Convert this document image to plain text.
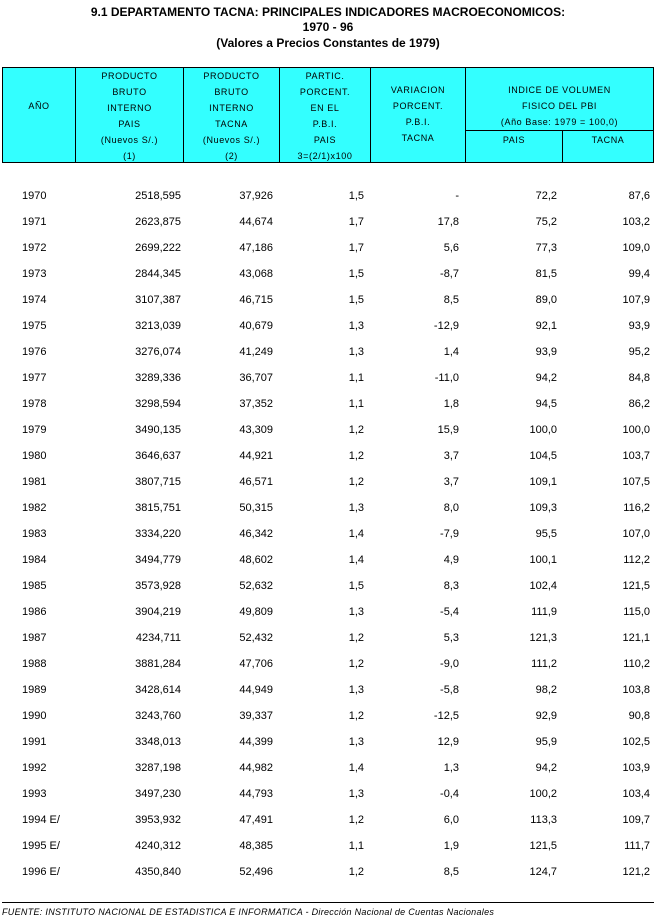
9.1 DEPARTAMENTO TACNA: PRINCIPALES INDICADORES MACROECONOMICOS:
1970 - 96
(Valores a Precios Constantes de 1979)
AÑO
PRODUCTO
BRUTO
INTERNO
PAIS
(Nuevos S/.)
(1)
PRODUCTO
BRUTO
INTERNO
TACNA
(Nuevos S/.)
(2)
PARTIC.
PORCENT.
EN EL
P.B.I.
PAIS
3=(2/1)x100
VARIACION
PORCENT.
P.B.I.
TACNA
INDICE DE VOLUMEN
FISICO DEL PBI
(Año Base: 1979 = 100,0)
PAIS	TACNA
1970	2518,595	37,926	1,5	-	72,2	87,6
1971	2623,875	44,674	1,7	17,8	75,2	103,2
1972	2699,222	47,186	1,7	5,6	77,3	109,0
1973	2844,345	43,068	1,5	-8,7	81,5	99,4
1974	3107,387	46,715	1,5	8,5	89,0	107,9
1975	3213,039	40,679	1,3	-12,9	92,1	93,9
1976	3276,074	41,249	1,3	1,4	93,9	95,2
1977	3289,336	36,707	1,1	-11,0	94,2	84,8
1978	3298,594	37,352	1,1	1,8	94,5	86,2
1979	3490,135	43,309	1,2	15,9	100,0	100,0
1980	3646,637	44,921	1,2	3,7	104,5	103,7
1981	3807,715	46,571	1,2	3,7	109,1	107,5
1982	3815,751	50,315	1,3	8,0	109,3	116,2
1983	3334,220	46,342	1,4	-7,9	95,5	107,0
1984	3494,779	48,602	1,4	4,9	100,1	112,2
1985	3573,928	52,632	1,5	8,3	102,4	121,5
1986	3904,219	49,809	1,3	-5,4	111,9	115,0
1987	4234,711	52,432	1,2	5,3	121,3	121,1
1988	3881,284	47,706	1,2	-9,0	111,2	110,2
1989	3428,614	44,949	1,3	-5,8	98,2	103,8
1990	3243,760	39,337	1,2	-12,5	92,9	90,8
1991	3348,013	44,399	1,3	12,9	95,9	102,5
1992	3287,198	44,982	1,4	1,3	94,2	103,9
1993	3497,230	44,793	1,3	-0,4	100,2	103,4
1994 E/	3953,932	47,491	1,2	6,0	113,3	109,7
1995 E/	4240,312	48,385	1,1	1,9	121,5	111,7
1996 E/	4350,840	52,496	1,2	8,5	124,7	121,2
FUENTE: INSTITUTO NACIONAL DE ESTADISTICA E INFORMATICA - Dirección Nacional de Cuentas Nacionales
